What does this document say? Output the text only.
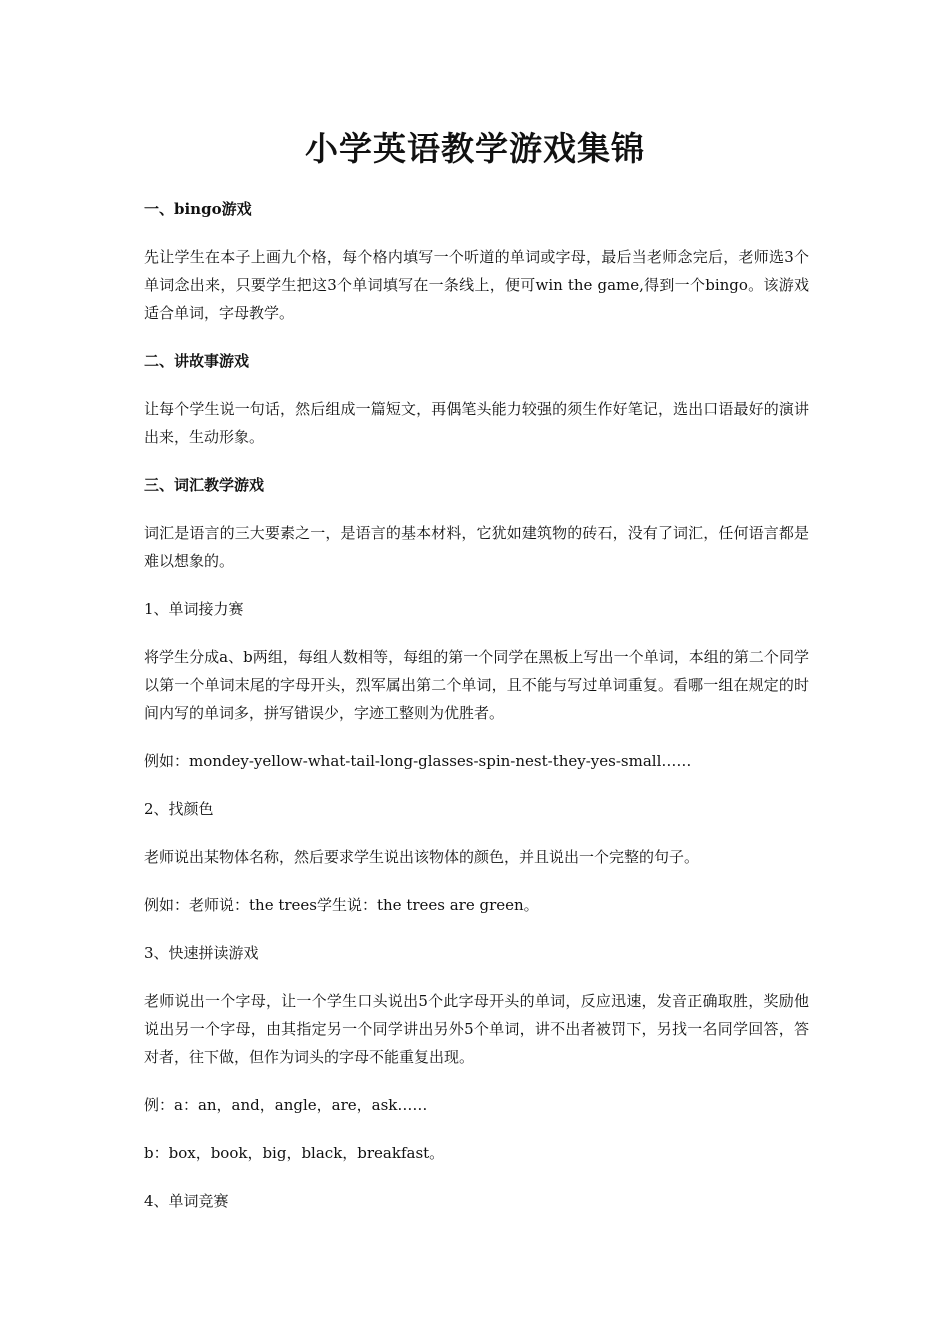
小学英语教学游戏集锦
一、bingo游戏
先让学生在本子上画九个格，每个格内填写一个听道的单词或字母，最后当老师念完后，老师选3个单词念出来，只要学生把这3个单词填写在一条线上，便可win the game,得到一个bingo。该游戏适合单词，字母教学。
二、讲故事游戏
让每个学生说一句话，然后组成一篇短文，再偶笔头能力较强的须生作好笔记，选出口语最好的演讲出来，生动形象。
三、词汇教学游戏
词汇是语言的三大要素之一，是语言的基本材料，它犹如建筑物的砖石，没有了词汇，任何语言都是难以想象的。
1、单词接力赛
将学生分成a、b两组，每组人数相等，每组的第一个同学在黑板上写出一个单词，本组的第二个同学以第一个单词末尾的字母开头，烈军属出第二个单词，且不能与写过单词重复。看哪一组在规定的时间内写的单词多，拼写错误少，字迹工整则为优胜者。
例如：mondey-yellow-what-tail-long-glasses-spin-nest-they-yes-small……
2、找颜色
老师说出某物体名称，然后要求学生说出该物体的颜色，并且说出一个完整的句子。
例如：老师说：the trees学生说：the trees are green。
3、快速拼读游戏
老师说出一个字母，让一个学生口头说出5个此字母开头的单词，反应迅速，发音正确取胜，奖励他说出另一个字母，由其指定另一个同学讲出另外5个单词，讲不出者被罚下，另找一名同学回答，答对者，往下做，但作为词头的字母不能重复出现。
例：a：an，and，angle，are，ask……
b：box，book，big，black，breakfast。
4、单词竞赛
